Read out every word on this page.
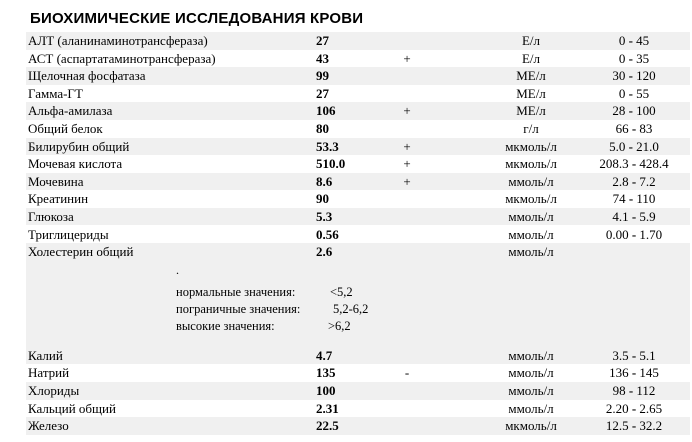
БИОХИМИЧЕСКИЕ ИССЛЕДОВАНИЯ КРОВИ
АЛТ (аланинаминотрансфераза)	27	Е/л	0 - 45
АСТ (аспартатаминотрансфераза)	43	+	Е/л	0 - 35
Щелочная фосфатаза	99	МЕ/л	30 - 120
Гамма-ГТ	27	МЕ/л	0 - 55
Альфа-амилаза	106	+	МЕ/л	28 - 100
Общий белок	80	г/л	66 - 83
Билирубин общий	53.3	+	мкмоль/л	5.0 - 21.0
Мочевая кислота	510.0	+	мкмоль/л	208.3 - 428.4
Мочевина	8.6	+	ммоль/л	2.8 - 7.2
Креатинин	90	мкмоль/л	74 - 110
Глюкоза	5.3	ммоль/л	4.1 - 5.9
Триглицериды	0.56	ммоль/л	0.00 - 1.70
Холестерин общий	2.6	ммоль/л
.
нормальные значения:	<5,2
пограничные значения:	5,2-6,2
высокие значения:	>6,2
Калий	4.7	ммоль/л	3.5 - 5.1
Натрий	135	-	ммоль/л	136 - 145
Хлориды	100	ммоль/л	98 - 112
Кальций общий	2.31	ммоль/л	2.20 - 2.65
Железо	22.5	мкмоль/л	12.5 - 32.2
